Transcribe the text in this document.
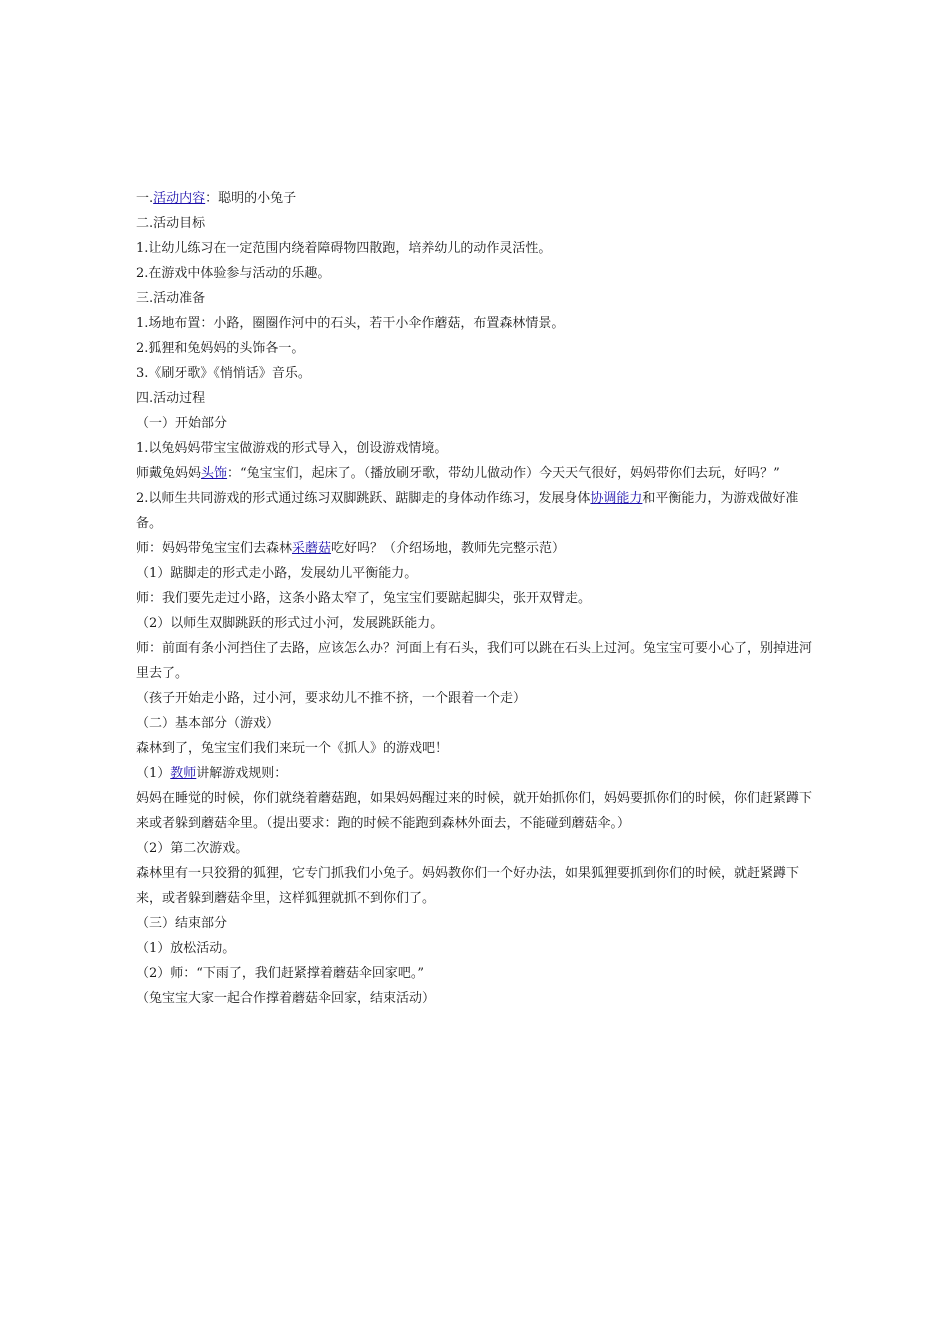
一.活动内容：聪明的小兔子

二.活动目标

1.让幼儿练习在一定范围内绕着障碍物四散跑，培养幼儿的动作灵活性。

2.在游戏中体验参与活动的乐趣。

三.活动准备

1.场地布置：小路，圈圈作河中的石头，若干小伞作蘑菇，布置森林情景。

2.狐狸和兔妈妈的头饰各一。

3.《刷牙歌》《悄悄话》音乐。

四.活动过程

（一）开始部分

1.以兔妈妈带宝宝做游戏的形式导入，创设游戏情境。

师戴兔妈妈头饰：“兔宝宝们，起床了。（播放刷牙歌，带幼儿做动作）今天天气很好，妈妈带你们去玩，好吗？”

2.以师生共同游戏的形式通过练习双脚跳跃、踮脚走的身体动作练习，发展身体协调能力和平衡能力，为游戏做好准备。

师：妈妈带兔宝宝们去森林采蘑菇吃好吗？（介绍场地，教师先完整示范）

（1）踮脚走的形式走小路，发展幼儿平衡能力。

师：我们要先走过小路，这条小路太窄了，兔宝宝们要踮起脚尖，张开双臂走。

（2）以师生双脚跳跃的形式过小河，发展跳跃能力。

师：前面有条小河挡住了去路，应该怎么办？河面上有石头，我们可以跳在石头上过河。兔宝宝可要小心了，别掉进河里去了。

（孩子开始走小路，过小河，要求幼儿不推不挤，一个跟着一个走）

（二）基本部分（游戏）

森林到了，兔宝宝们我们来玩一个《抓人》的游戏吧！

（1）教师讲解游戏规则：

妈妈在睡觉的时候，你们就绕着蘑菇跑，如果妈妈醒过来的时候，就开始抓你们，妈妈要抓你们的时候，你们赶紧蹲下来或者躲到蘑菇伞里。（提出要求：跑的时候不能跑到森林外面去，不能碰到蘑菇伞。）

（2）第二次游戏。

森林里有一只狡猾的狐狸，它专门抓我们小兔子。妈妈教你们一个好办法，如果狐狸要抓到你们的时候，就赶紧蹲下来，或者躲到蘑菇伞里，这样狐狸就抓不到你们了。

（三）结束部分

（1）放松活动。

（2）师：“下雨了，我们赶紧撑着蘑菇伞回家吧。”

（兔宝宝大家一起合作撑着蘑菇伞回家，结束活动）
